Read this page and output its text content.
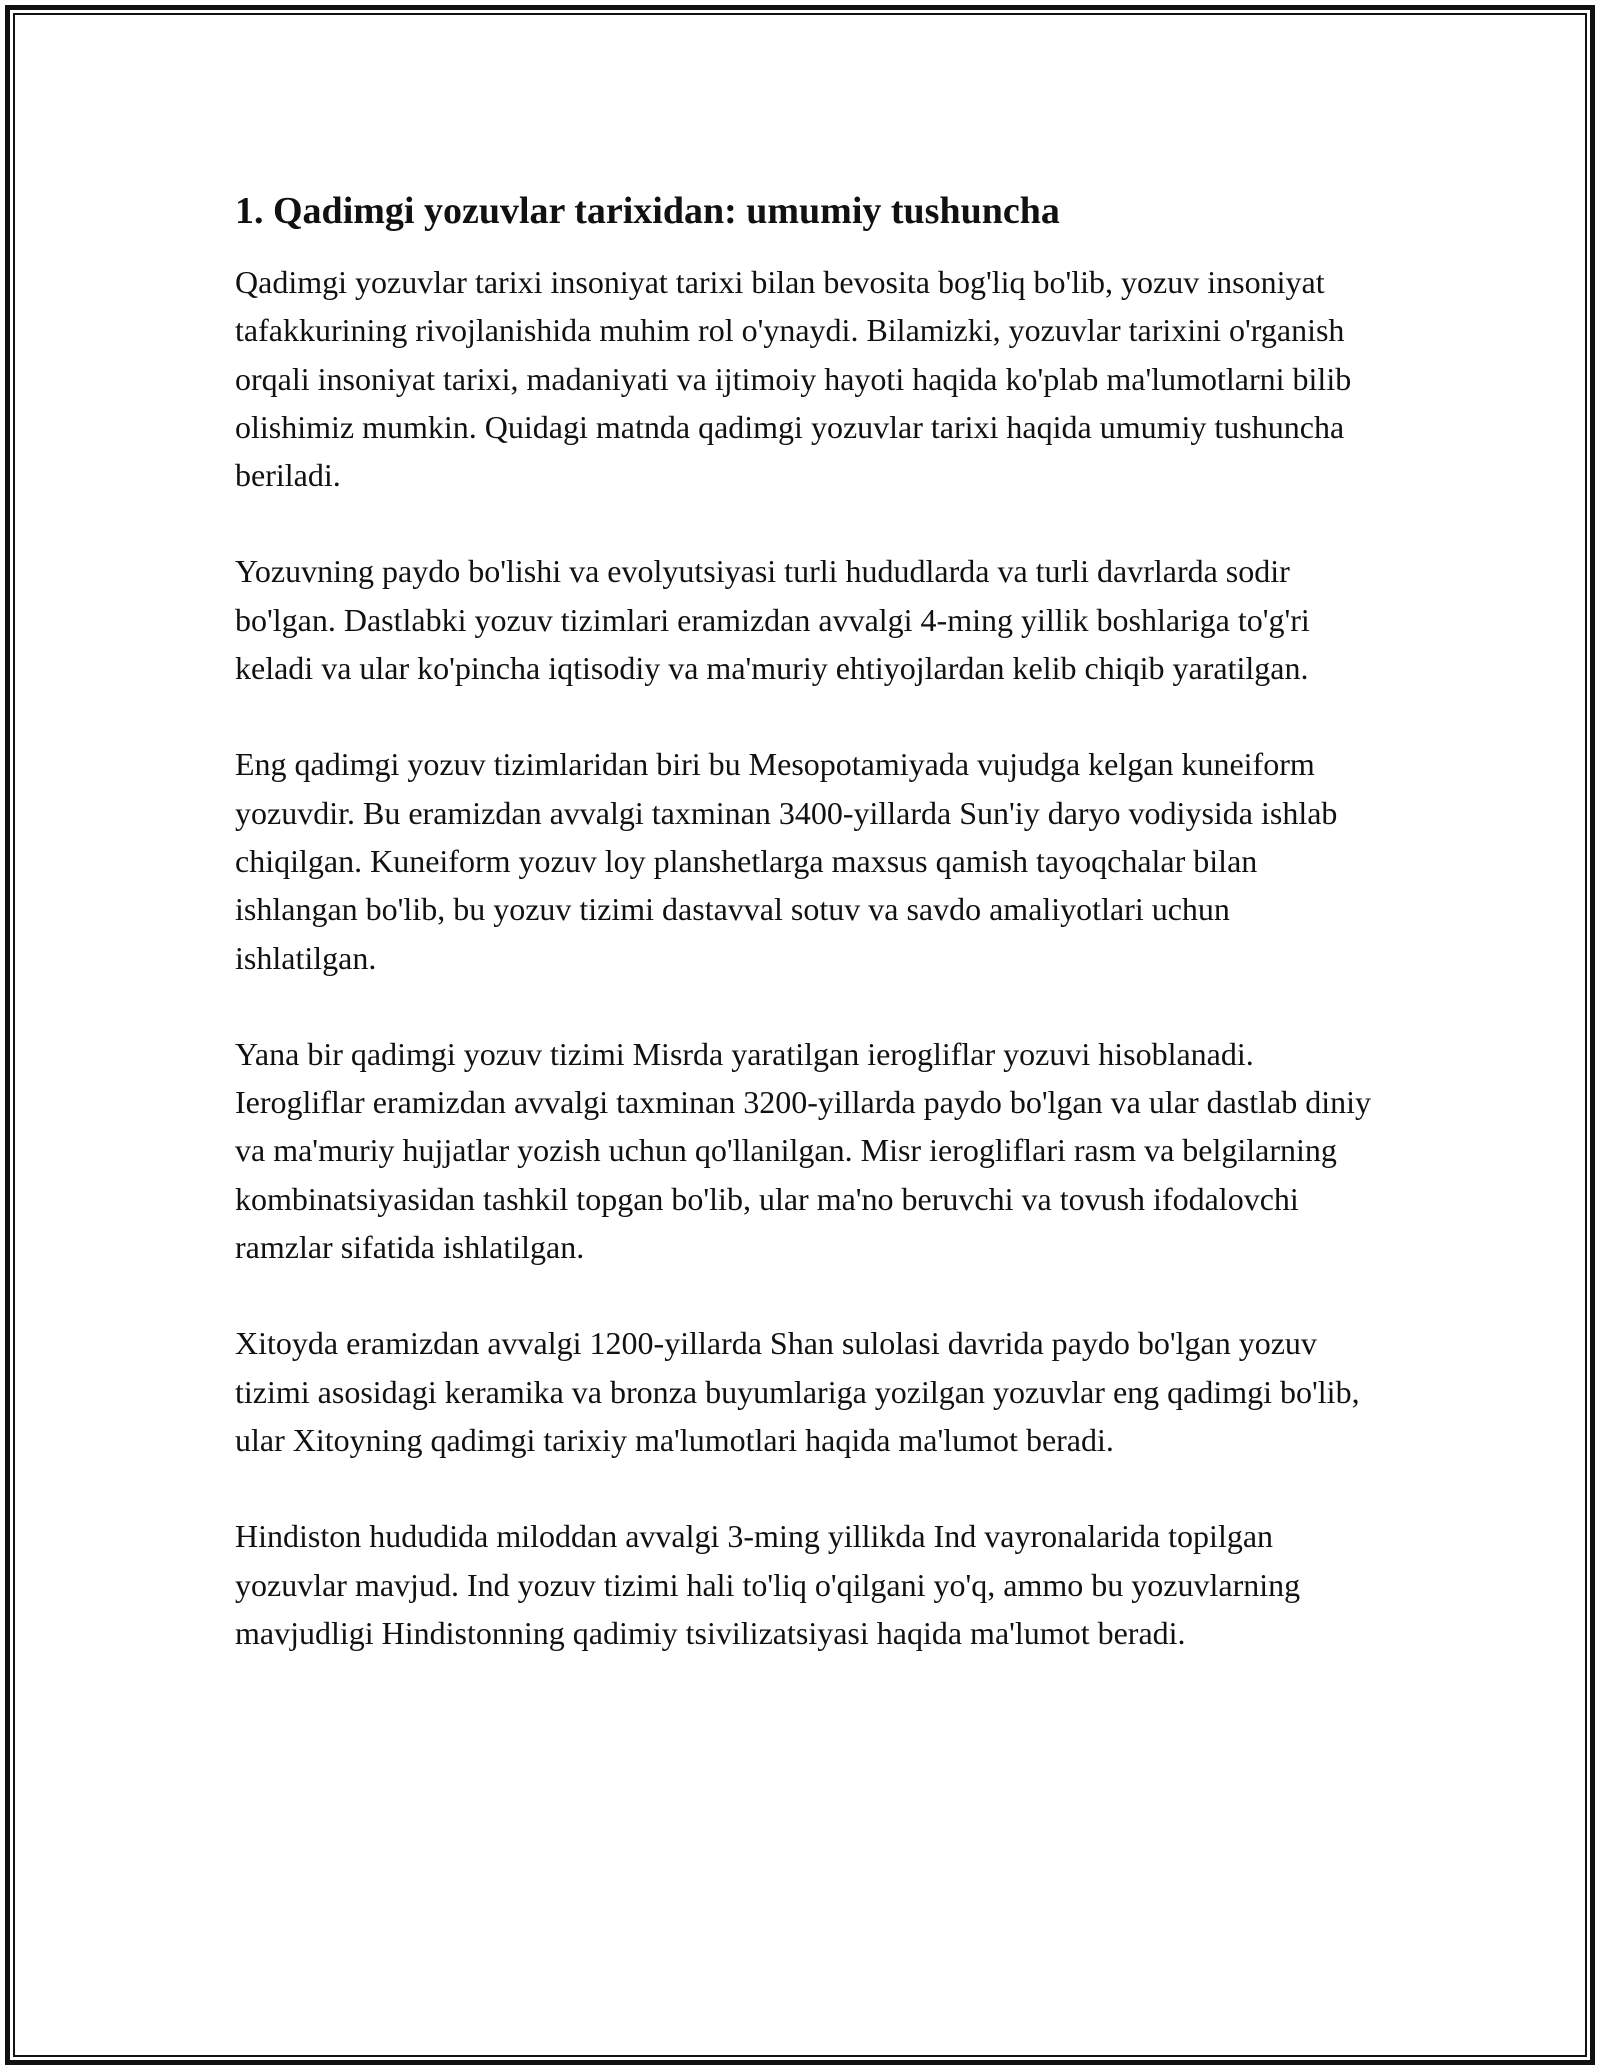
1. Qadimgi yozuvlar tarixidan: umumiy tushuncha

Qadimgi yozuvlar tarixi insoniyat tarixi bilan bevosita bog'liq bo'lib, yozuv insoniyat tafakkurining rivojlanishida muhim rol o'ynaydi. Bilamizki, yozuvlar tarixini o'rganish orqali insoniyat tarixi, madaniyati va ijtimoiy hayoti haqida ko'plab ma'lumotlarni bilib olishimiz mumkin. Quidagi matnda qadimgi yozuvlar tarixi haqida umumiy tushuncha beriladi.

Yozuvning paydo bo'lishi va evolyutsiyasi turli hududlarda va turli davrlarda sodir bo'lgan. Dastlabki yozuv tizimlari eramizdan avvalgi 4-ming yillik boshlariga to'g'ri keladi va ular ko'pincha iqtisodiy va ma'muriy ehtiyojlardan kelib chiqib yaratilgan.

Eng qadimgi yozuv tizimlaridan biri bu Mesopotamiyada vujudga kelgan kuneiform yozuvdir. Bu eramizdan avvalgi taxminan 3400-yillarda Sun'iy daryo vodiysida ishlab chiqilgan. Kuneiform yozuv loy planshetlarga maxsus qamish tayoqchalar bilan ishlangan bo'lib, bu yozuv tizimi dastavval sotuv va savdo amaliyotlari uchun ishlatilgan.

Yana bir qadimgi yozuv tizimi Misrda yaratilgan ierogliflar yozuvi hisoblanadi. Ierogliflar eramizdan avvalgi taxminan 3200-yillarda paydo bo'lgan va ular dastlab diniy va ma'muriy hujjatlar yozish uchun qo'llanilgan. Misr ierogliflari rasm va belgilarning kombinatsiyasidan tashkil topgan bo'lib, ular ma'no beruvchi va tovush ifodalovchi ramzlar sifatida ishlatilgan.

Xitoyda eramizdan avvalgi 1200-yillarda Shan sulolasi davrida paydo bo'lgan yozuv tizimi asosidagi keramika va bronza buyumlariga yozilgan yozuvlar eng qadimgi bo'lib, ular Xitoyning qadimgi tarixiy ma'lumotlari haqida ma'lumot beradi.

Hindiston hududida miloddan avvalgi 3-ming yillikda Ind vayronalarida topilgan yozuvlar mavjud. Ind yozuv tizimi hali to'liq o'qilgani yo'q, ammo bu yozuvlarning mavjudligi Hindistonning qadimiy tsivilizatsiyasi haqida ma'lumot beradi.
